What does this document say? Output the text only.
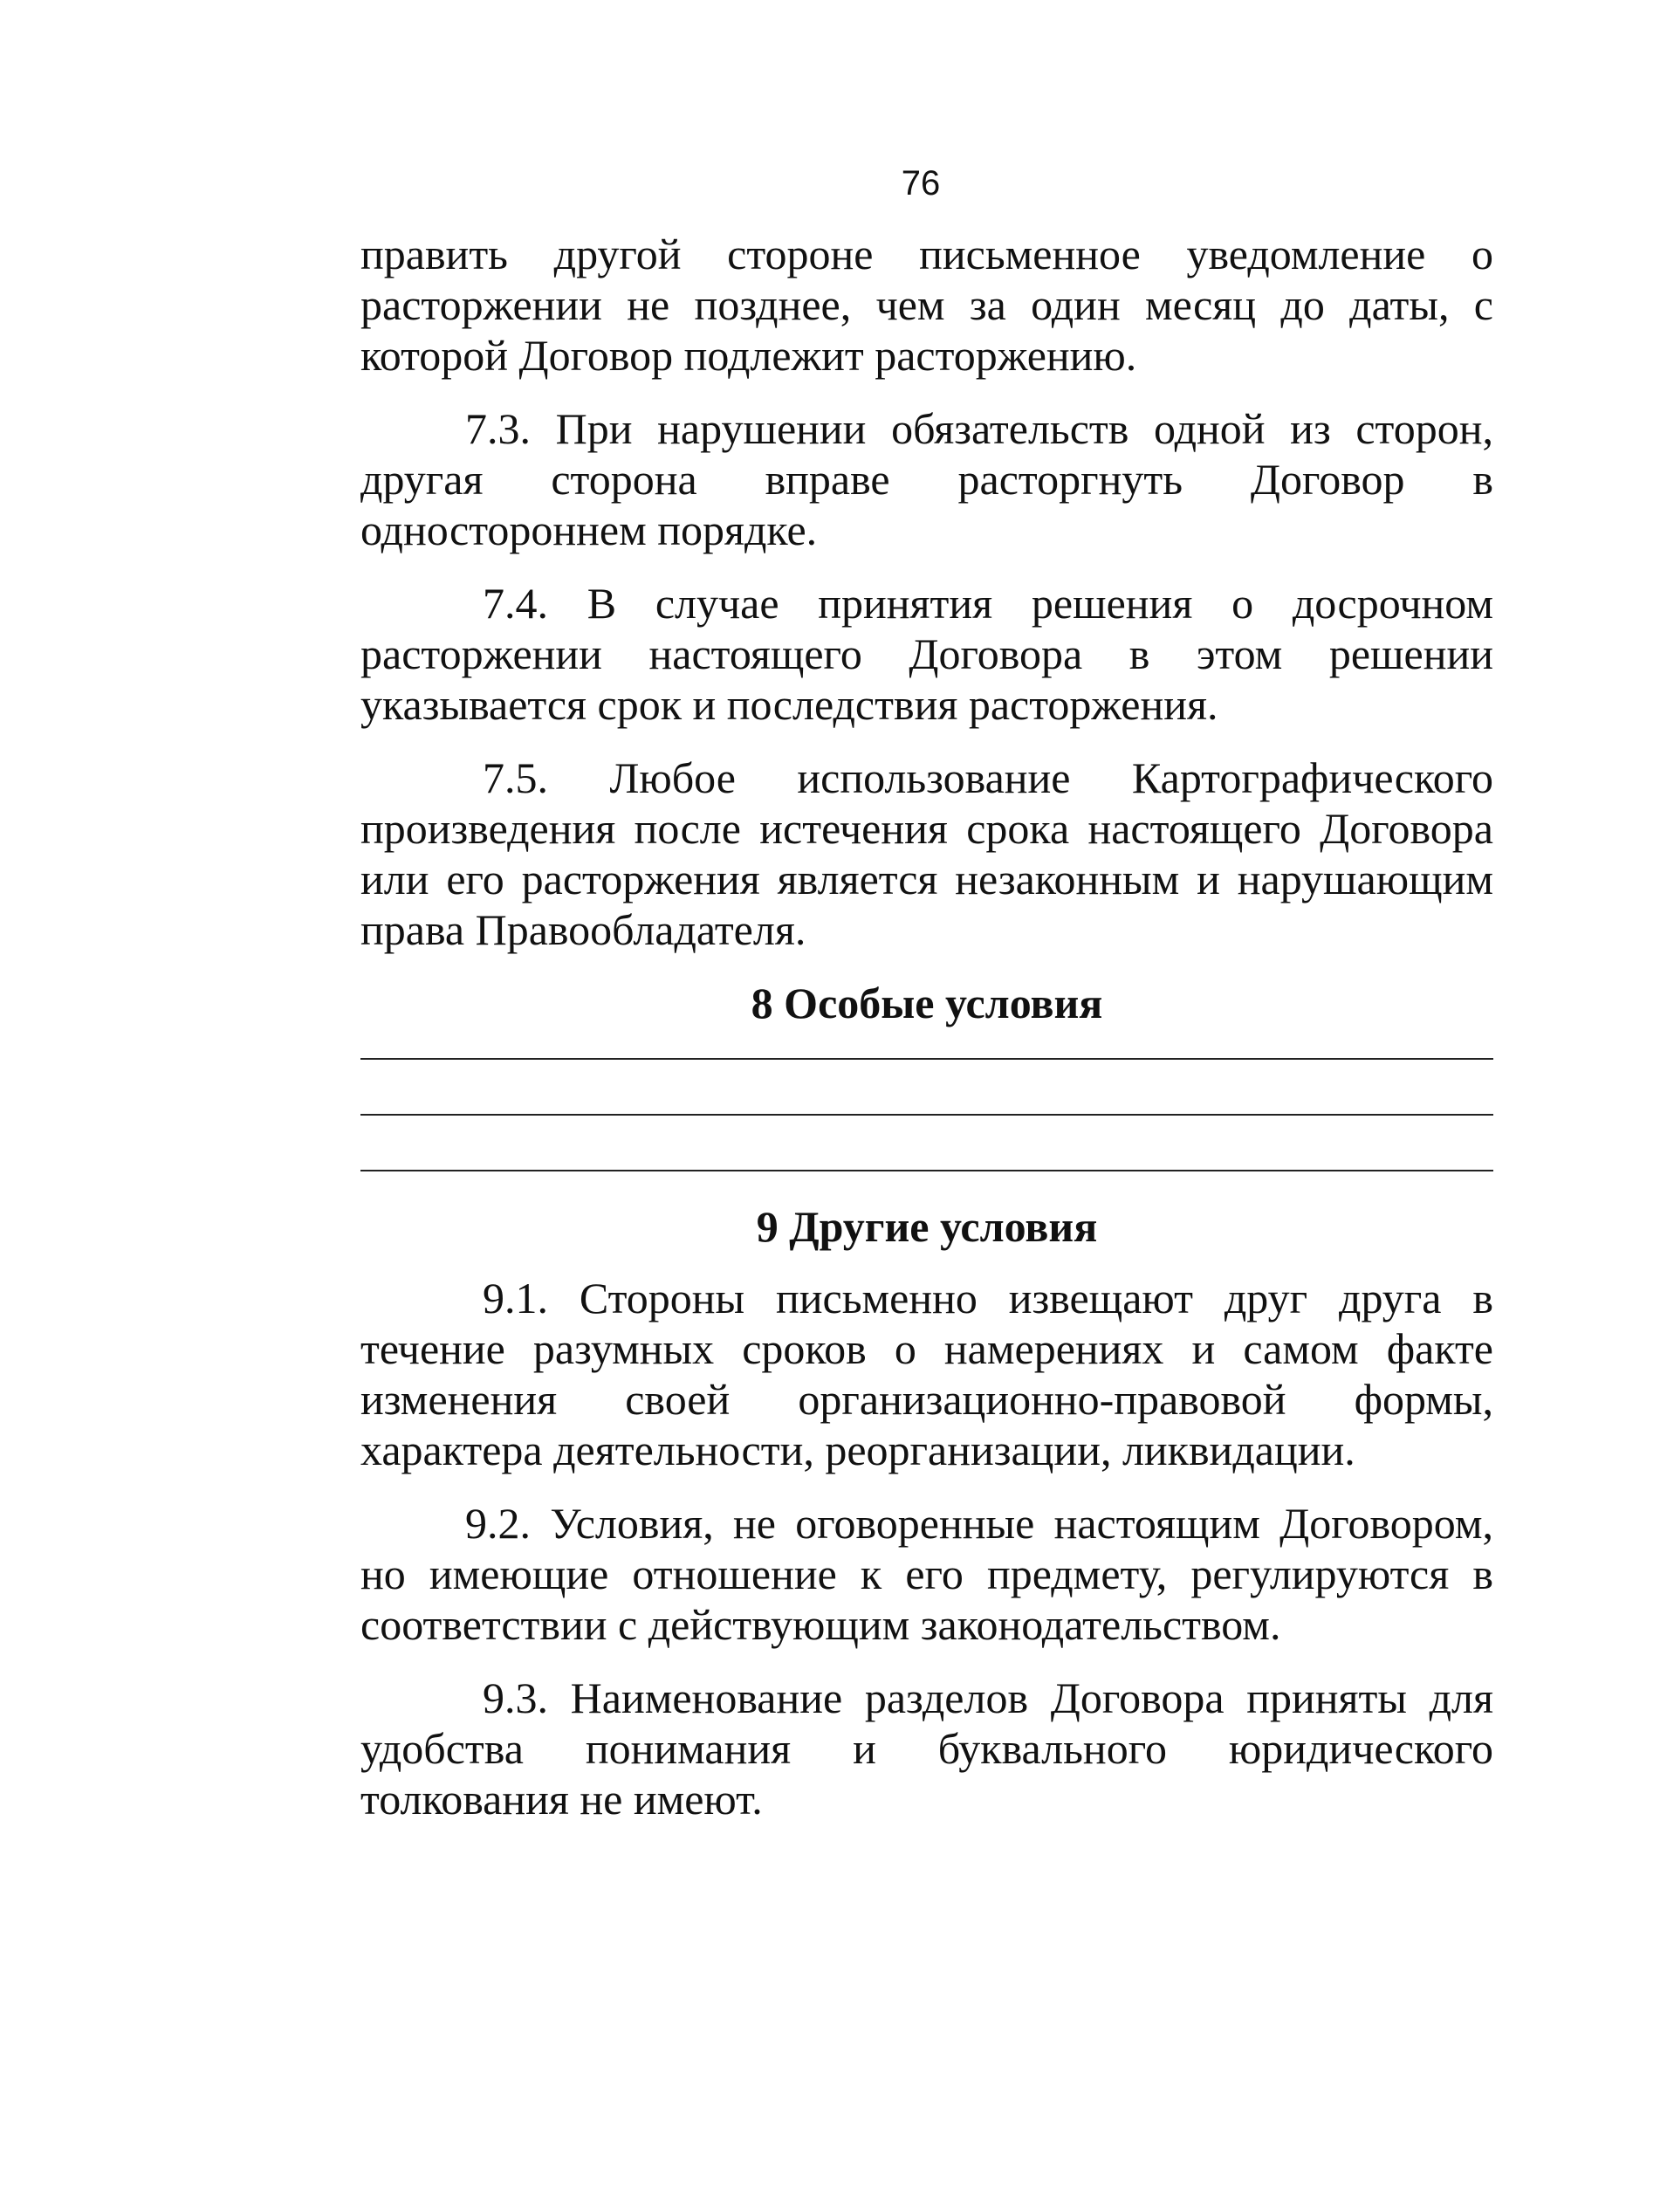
76

править другой стороне письменное уведомление о расторжении не позднее, чем за один месяц до даты, с которой Договор подлежит расторжению.

7.3. При нарушении обязательств одной из сторон, другая сторона вправе расторгнуть Договор в одностороннем порядке.

7.4. В случае принятия решения о досрочном расторжении настоящего Договора в этом решении указывается срок и последствия расторжения.

7.5. Любое использование Картографического произведения после истечения срока настоящего Договора или его расторжения является незаконным и нарушающим права Правообладателя.

8 Особые условия
9 Другие условия

9.1. Стороны письменно извещают друг друга в течение разумных сроков о намерениях и самом факте изменения своей организационно-правовой формы, характера деятельности, реорганизации, ликвидации.

9.2. Условия, не оговоренные настоящим Договором, но имеющие отношение к его предмету, регулируются в соответствии с действующим законодательством.

9.3. Наименование разделов Договора приняты для удобства понимания и буквального юридического толкования не имеют.
